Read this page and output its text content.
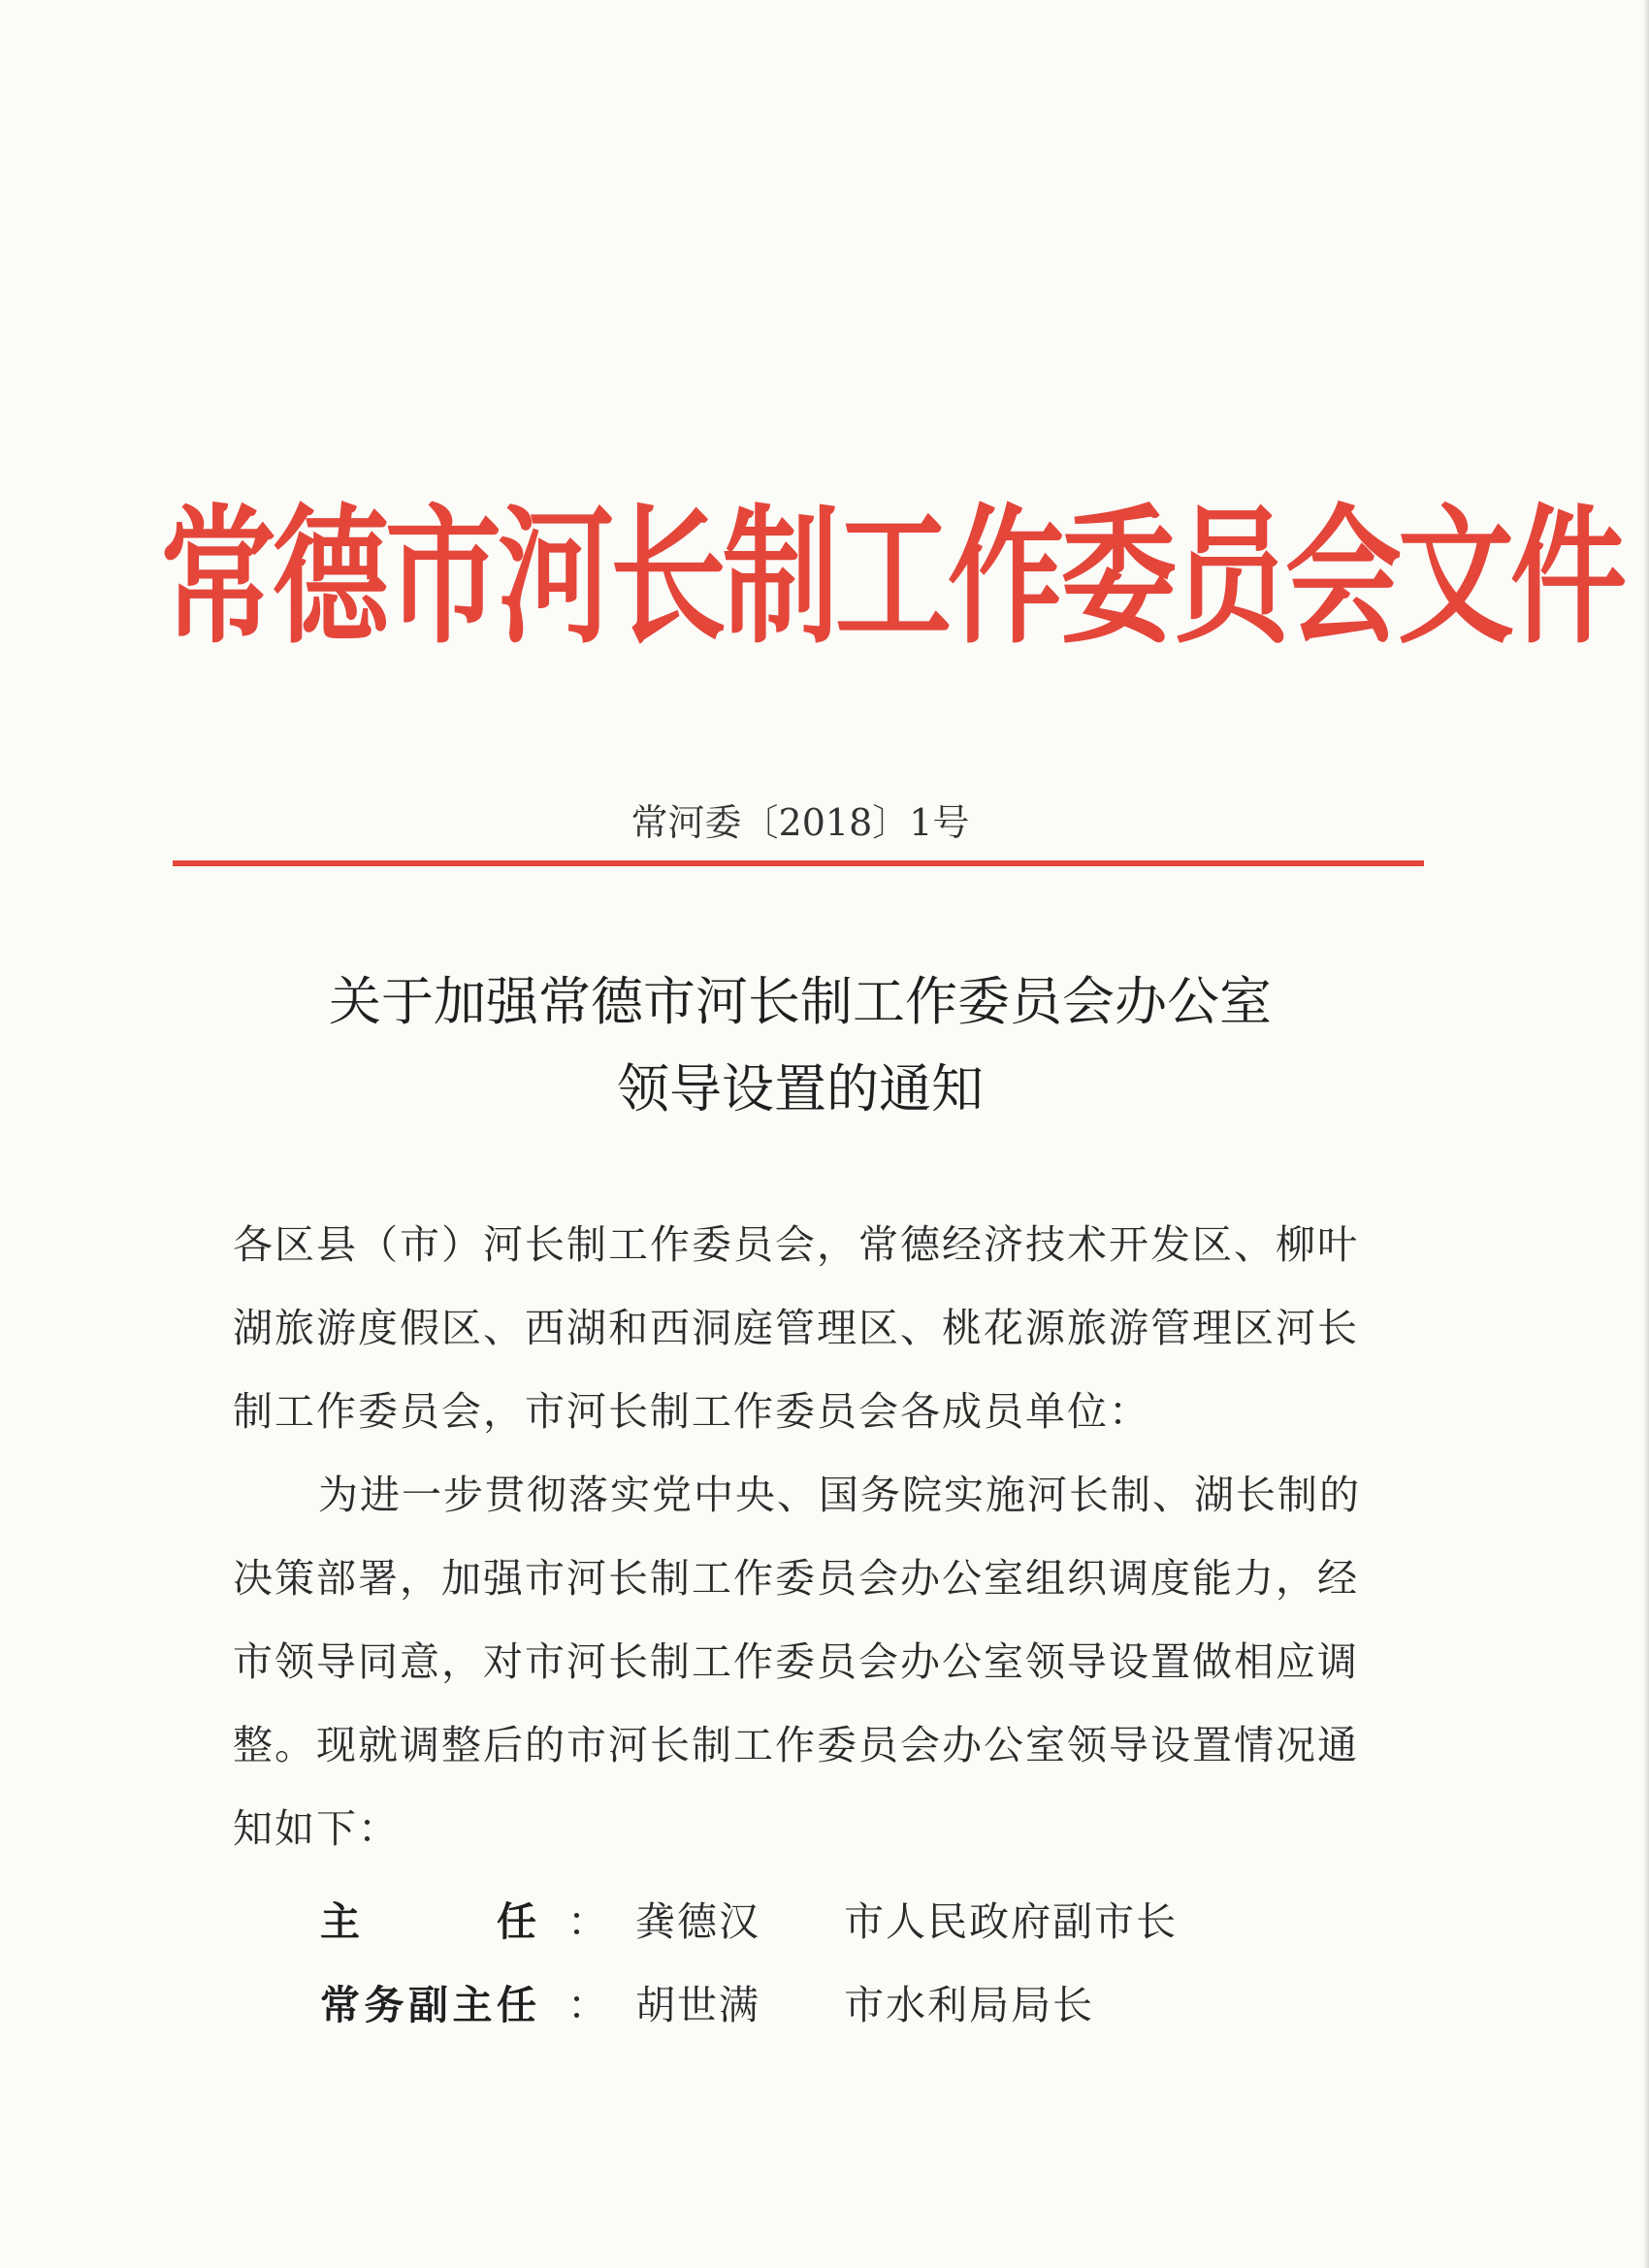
常德市河长制工作委员会文件
常河委〔2018〕1号
关于加强常德市河长制工作委员会办公室
领导设置的通知

各区县（市）河长制工作委员会，常德经济技术开发区、柳叶湖旅游度假区、西湖和西洞庭管理区、桃花源旅游管理区河长制工作委员会，市河长制工作委员会各成员单位：

为进一步贯彻落实党中央、国务院实施河长制、湖长制的决策部署，加强市河长制工作委员会办公室组织调度能力，经市领导同意，对市河长制工作委员会办公室领导设置做相应调整。现就调整后的市河长制工作委员会办公室领导设置情况通知如下：

主任 ： 龚德汉 市人民政府副市长
常务副主任 ： 胡世满 市水利局局长
